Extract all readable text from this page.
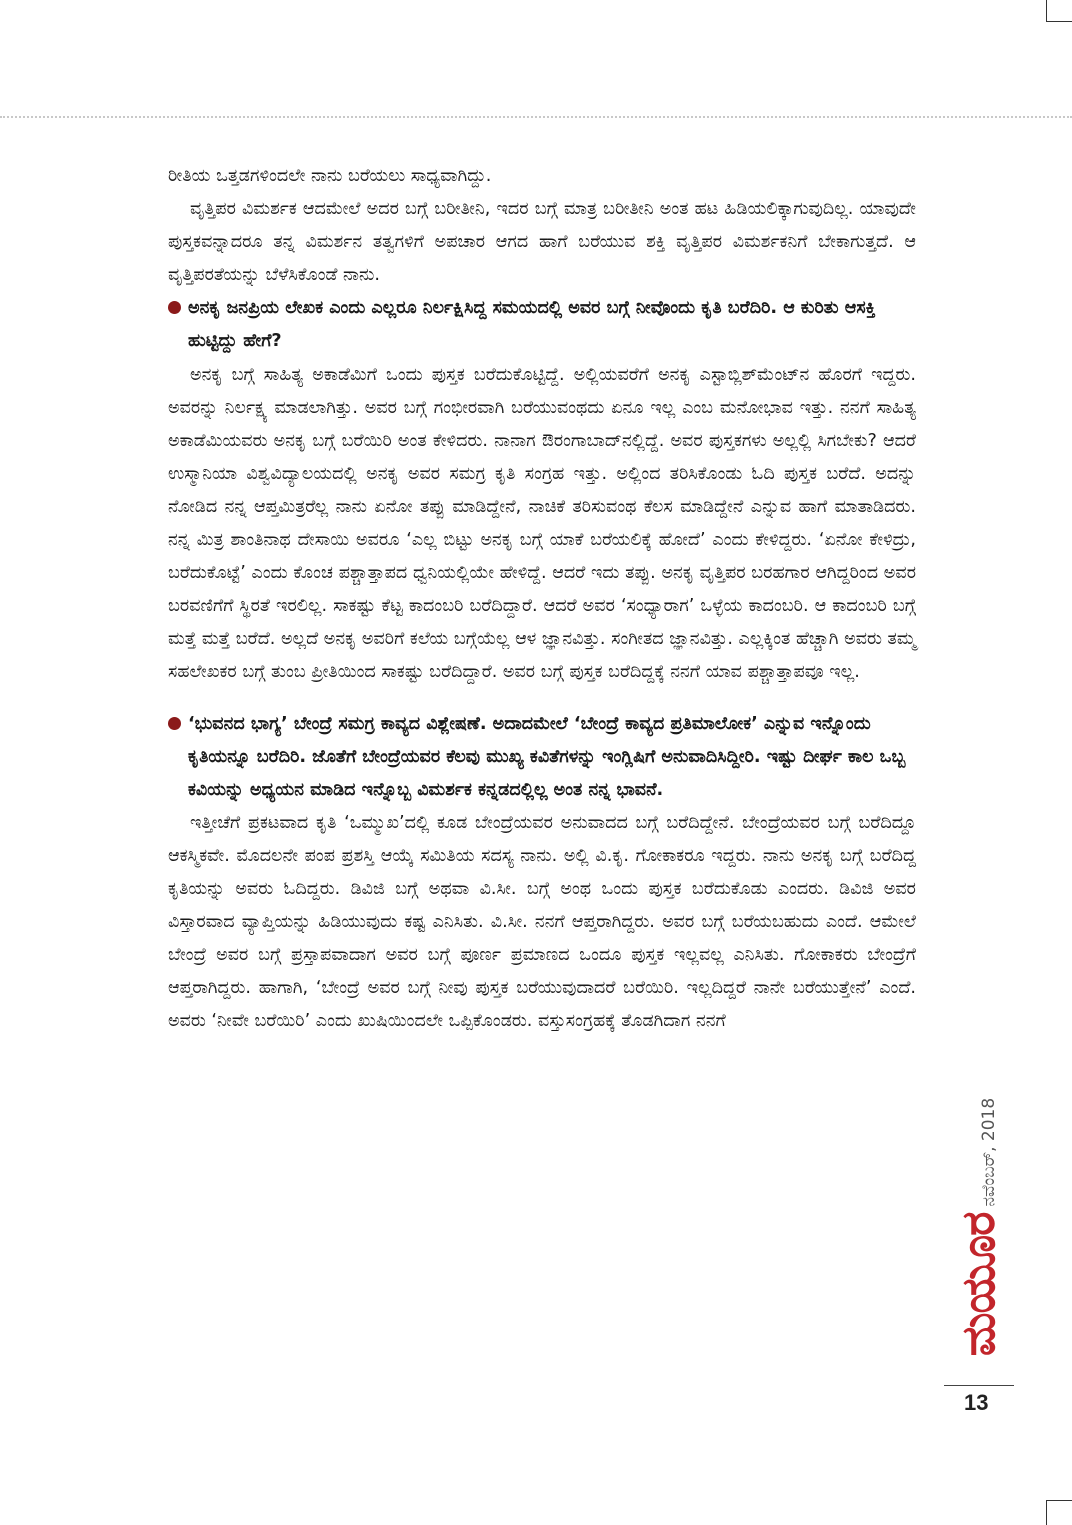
ರೀತಿಯ ಒತ್ತಡಗಳಿಂದಲೇ ನಾನು ಬರೆಯಲು ಸಾಧ್ಯವಾಗಿದ್ದು.

ವೃತ್ತಿಪರ ವಿಮರ್ಶಕ ಆದಮೇಲೆ ಅದರ ಬಗ್ಗೆ ಬರೀತೀನಿ, ಇದರ ಬಗ್ಗೆ ಮಾತ್ರ ಬರೀತೀನಿ ಅಂತ ಹಟ ಹಿಡಿಯಲಿಕ್ಕಾಗುವುದಿಲ್ಲ. ಯಾವುದೇ ಪುಸ್ತಕವನ್ನಾದರೂ ತನ್ನ ವಿಮರ್ಶನ ತತ್ವಗಳಿಗೆ ಅಪಚಾರ ಆಗದ ಹಾಗೆ ಬರೆಯುವ ಶಕ್ತಿ ವೃತ್ತಿಪರ ವಿಮರ್ಶಕನಿಗೆ ಬೇಕಾಗುತ್ತದೆ. ಆ ವೃತ್ತಿಪರತೆಯನ್ನು ಬೆಳೆಸಿಕೊಂಡೆ ನಾನು.

ಅನಕೃ ಜನಪ್ರಿಯ ಲೇಖಕ ಎಂದು ಎಲ್ಲರೂ ನಿರ್ಲಕ್ಷಿಸಿದ್ದ ಸಮಯದಲ್ಲಿ ಅವರ ಬಗ್ಗೆ ನೀವೊಂದು ಕೃತಿ ಬರೆದಿರಿ. ಆ ಕುರಿತು ಆಸಕ್ತಿ ಹುಟ್ಟಿದ್ದು ಹೇಗೆ?

ಅನಕೃ ಬಗ್ಗೆ ಸಾಹಿತ್ಯ ಅಕಾಡೆಮಿಗೆ ಒಂದು ಪುಸ್ತಕ ಬರೆದುಕೊಟ್ಟಿದ್ದೆ. ಅಲ್ಲಿಯವರೆಗೆ ಅನಕೃ ಎಸ್ಟಾಬ್ಲಿಶ್‌ಮೆಂಟ್‌ನ ಹೊರಗೆ ಇದ್ದರು. ಅವರನ್ನು ನಿರ್ಲಕ್ಷ್ಯ ಮಾಡಲಾಗಿತ್ತು. ಅವರ ಬಗ್ಗೆ ಗಂಭೀರವಾಗಿ ಬರೆಯುವಂಥದು ಏನೂ ಇಲ್ಲ ಎಂಬ ಮನೋಭಾವ ಇತ್ತು. ನನಗೆ ಸಾಹಿತ್ಯ ಅಕಾಡೆಮಿಯವರು ಅನಕೃ ಬಗ್ಗೆ ಬರೆಯಿರಿ ಅಂತ ಕೇಳಿದರು. ನಾನಾಗ ಔರಂಗಾಬಾದ್‌ನಲ್ಲಿದ್ದೆ. ಅವರ ಪುಸ್ತಕಗಳು ಅಲ್ಲಲ್ಲಿ ಸಿಗಬೇಕು? ಆದರೆ ಉಸ್ಮಾನಿಯಾ ವಿಶ್ವವಿದ್ಯಾಲಯದಲ್ಲಿ ಅನಕೃ ಅವರ ಸಮಗ್ರ ಕೃತಿ ಸಂಗ್ರಹ ಇತ್ತು. ಅಲ್ಲಿಂದ ತರಿಸಿಕೊಂಡು ಓದಿ ಪುಸ್ತಕ ಬರೆದೆ. ಅದನ್ನು ನೋಡಿದ ನನ್ನ ಆಪ್ತಮಿತ್ರರೆಲ್ಲ ನಾನು ಏನೋ ತಪ್ಪು ಮಾಡಿದ್ದೇನೆ, ನಾಚಿಕೆ ತರಿಸುವಂಥ ಕೆಲಸ ಮಾಡಿದ್ದೇನೆ ಎನ್ನುವ ಹಾಗೆ ಮಾತಾಡಿದರು. ನನ್ನ ಮಿತ್ರ ಶಾಂತಿನಾಥ ದೇಸಾಯಿ ಅವರೂ ‘ಎಲ್ಲ ಬಿಟ್ಟು ಅನಕೃ ಬಗ್ಗೆ ಯಾಕೆ ಬರೆಯಲಿಕ್ಕೆ ಹೋದೆ’ ಎಂದು ಕೇಳಿದ್ದರು. ‘ಏನೋ ಕೇಳಿದ್ರು, ಬರೆದುಕೊಟ್ಟೆ’ ಎಂದು ಕೊಂಚ ಪಶ್ಚಾತ್ತಾಪದ ಧ್ವನಿಯಲ್ಲಿಯೇ ಹೇಳಿದ್ದೆ. ಆದರೆ ಇದು ತಪ್ಪು. ಅನಕೃ ವೃತ್ತಿಪರ ಬರಹಗಾರ ಆಗಿದ್ದರಿಂದ ಅವರ ಬರವಣಿಗೆಗೆ ಸ್ಥಿರತೆ ಇರಲಿಲ್ಲ. ಸಾಕಷ್ಟು ಕೆಟ್ಟ ಕಾದಂಬರಿ ಬರೆದಿದ್ದಾರೆ. ಆದರೆ ಅವರ ‘ಸಂಧ್ಯಾರಾಗ’ ಒಳ್ಳೆಯ ಕಾದಂಬರಿ. ಆ ಕಾದಂಬರಿ ಬಗ್ಗೆ ಮತ್ತೆ ಮತ್ತೆ ಬರೆದೆ. ಅಲ್ಲದೆ ಅನಕೃ ಅವರಿಗೆ ಕಲೆಯ ಬಗ್ಗೆಯೆಲ್ಲ ಆಳ ಜ್ಞಾನವಿತ್ತು. ಸಂಗೀತದ ಜ್ಞಾನವಿತ್ತು. ಎಲ್ಲಕ್ಕಿಂತ ಹೆಚ್ಚಾಗಿ ಅವರು ತಮ್ಮ ಸಹಲೇಖಕರ ಬಗ್ಗೆ ತುಂಬ ಪ್ರೀತಿಯಿಂದ ಸಾಕಷ್ಟು ಬರೆದಿದ್ದಾರೆ. ಅವರ ಬಗ್ಗೆ ಪುಸ್ತಕ ಬರೆದಿದ್ದಕ್ಕೆ ನನಗೆ ಯಾವ ಪಶ್ಚಾತ್ತಾಪವೂ ಇಲ್ಲ.

‘ಭುವನದ ಭಾಗ್ಯ’ ಬೇಂದ್ರೆ ಸಮಗ್ರ ಕಾವ್ಯದ ವಿಶ್ಲೇಷಣೆ. ಅದಾದಮೇಲೆ ‘ಬೇಂದ್ರೆ ಕಾವ್ಯದ ಪ್ರತಿಮಾಲೋಕ’ ಎನ್ನುವ ಇನ್ನೊಂದು ಕೃತಿಯನ್ನೂ ಬರೆದಿರಿ. ಜೊತೆಗೆ ಬೇಂದ್ರೆಯವರ ಕೆಲವು ಮುಖ್ಯ ಕವಿತೆಗಳನ್ನು ಇಂಗ್ಲಿಷಿಗೆ ಅನುವಾದಿಸಿದ್ದೀರಿ. ಇಷ್ಟು ದೀರ್ಘ ಕಾಲ ಒಬ್ಬ ಕವಿಯನ್ನು ಅಧ್ಯಯನ ಮಾಡಿದ ಇನ್ನೊಬ್ಬ ವಿಮರ್ಶಕ ಕನ್ನಡದಲ್ಲಿಲ್ಲ ಅಂತ ನನ್ನ ಭಾವನೆ.

ಇತ್ತೀಚೆಗೆ ಪ್ರಕಟವಾದ ಕೃತಿ ‘ಒಮ್ಮುಖ’ದಲ್ಲಿ ಕೂಡ ಬೇಂದ್ರೆಯವರ ಅನುವಾದದ ಬಗ್ಗೆ ಬರೆದಿದ್ದೇನೆ. ಬೇಂದ್ರೆಯವರ ಬಗ್ಗೆ ಬರೆದಿದ್ದೂ ಆಕಸ್ಮಿಕವೇ. ಮೊದಲನೇ ಪಂಪ ಪ್ರಶಸ್ತಿ ಆಯ್ಕೆ ಸಮಿತಿಯ ಸದಸ್ಯ ನಾನು. ಅಲ್ಲಿ ವಿ.ಕೃ. ಗೋಕಾಕರೂ ಇದ್ದರು. ನಾನು ಅನಕೃ ಬಗ್ಗೆ ಬರೆದಿದ್ದ ಕೃತಿಯನ್ನು ಅವರು ಓದಿದ್ದರು. ಡಿವಿಜಿ ಬಗ್ಗೆ ಅಥವಾ ವಿ.ಸೀ. ಬಗ್ಗೆ ಅಂಥ ಒಂದು ಪುಸ್ತಕ ಬರೆದುಕೊಡು ಎಂದರು. ಡಿವಿಜಿ ಅವರ ವಿಸ್ತಾರವಾದ ವ್ಯಾಪ್ತಿಯನ್ನು ಹಿಡಿಯುವುದು ಕಷ್ಟ ಎನಿಸಿತು. ವಿ.ಸೀ. ನನಗೆ ಆಪ್ತರಾಗಿದ್ದರು. ಅವರ ಬಗ್ಗೆ ಬರೆಯಬಹುದು ಎಂದೆ. ಆಮೇಲೆ ಬೇಂದ್ರೆ ಅವರ ಬಗ್ಗೆ ಪ್ರಸ್ತಾಪವಾದಾಗ ಅವರ ಬಗ್ಗೆ ಪೂರ್ಣ ಪ್ರಮಾಣದ ಒಂದೂ ಪುಸ್ತಕ ಇಲ್ಲವಲ್ಲ ಎನಿಸಿತು. ಗೋಕಾಕರು ಬೇಂದ್ರೆಗೆ ಆಪ್ತರಾಗಿದ್ದರು. ಹಾಗಾಗಿ, ‘ಬೇಂದ್ರೆ ಅವರ ಬಗ್ಗೆ ನೀವು ಪುಸ್ತಕ ಬರೆಯುವುದಾದರೆ ಬರೆಯಿರಿ. ಇಲ್ಲದಿದ್ದರೆ ನಾನೇ ಬರೆಯುತ್ತೇನೆ’ ಎಂದೆ. ಅವರು ‘ನೀವೇ ಬರೆಯಿರಿ’ ಎಂದು ಖುಷಿಯಿಂದಲೇ ಒಪ್ಪಿಕೊಂಡರು. ವಸ್ತುಸಂಗ್ರಹಕ್ಕೆ ತೊಡಗಿದಾಗ ನನಗೆ

ಮಯೂರನವೆಂಬರ್, 2018
13
